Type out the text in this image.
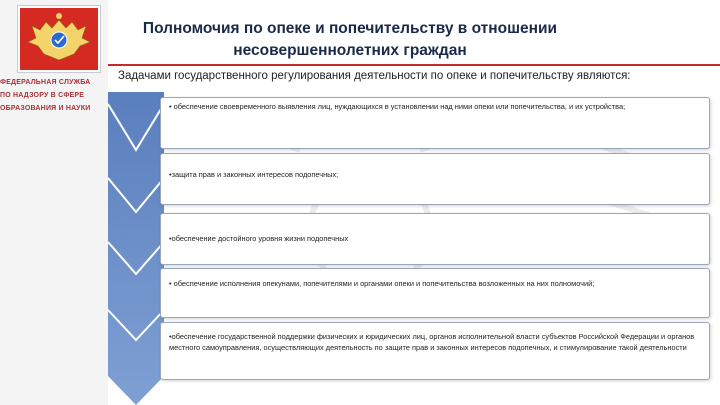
ФЕДЕРАЛЬНАЯ СЛУЖБА
ПО НАДЗОРУ В СФЕРЕ
ОБРАЗОВАНИЯ И НАУКИ
Полномочия по опеке и попечительству в отношении
несовершеннолетних граждан
Задачами государственного регулирования деятельности по опеке и попечительству являются:
• обеспечение своевременного выявления лиц, нуждающихся в установлении над ними опеки или попечительства, и их устройства;
•защита прав и законных интересов подопечных;
•обеспечение достойного уровня жизни подопечных
• обеспечение исполнения опекунами, попечителями и органами опеки и попечительства возложенных на них полномочий;
•обеспечение государственной поддержки физических и юридических лиц, органов исполнительной власти субъектов Российской Федерации и органов местного самоуправления, осуществляющих деятельность по защите прав и законных интересов подопечных, и стимулирование такой деятельности
